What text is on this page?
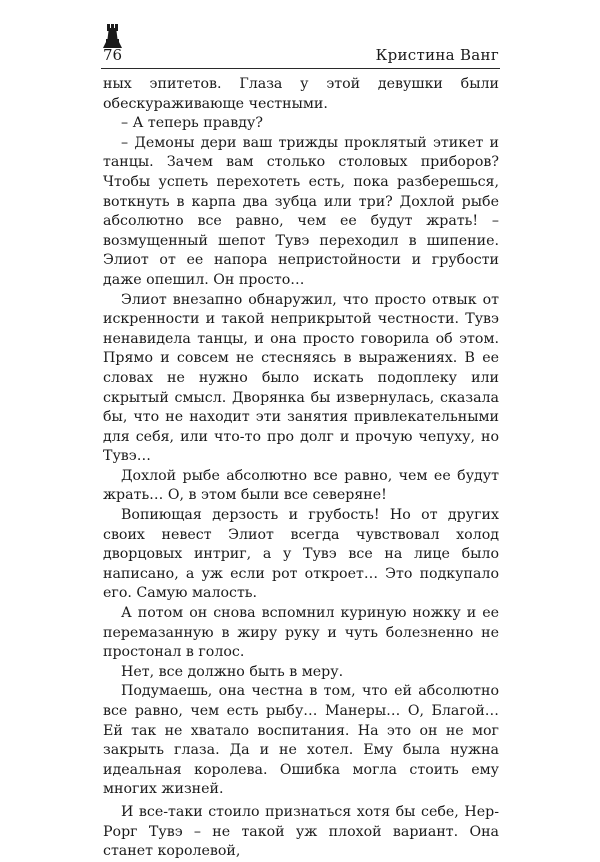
76	Кристина Ванг

ных эпитетов. Глаза у этой девушки были обескураживающе честными.

– А теперь правду?

– Демоны дери ваш трижды проклятый этикет и танцы. Зачем вам столько столовых приборов? Чтобы успеть перехотеть есть, пока разберешься, воткнуть в карпа два зубца или три? Дохлой рыбе абсолютно все равно, чем ее будут жрать! – возмущенный шепот Тувэ переходил в шипение. Элиот от ее напора непристойности и грубости даже опешил. Он просто…

Элиот внезапно обнаружил, что просто отвык от искренности и такой неприкрытой честности. Тувэ ненавидела танцы, и она просто говорила об этом. Прямо и совсем не стесняясь в выражениях. В ее словах не нужно было искать подоплеку или скрытый смысл. Дворянка бы извернулась, сказала бы, что не находит эти занятия привлекательными для себя, или что-то про долг и прочую чепуху, но Тувэ…

Дохлой рыбе абсолютно все равно, чем ее будут жрать… О, в этом были все северяне!

Вопиющая дерзость и грубость! Но от других своих невест Элиот всегда чувствовал холод дворцовых интриг, а у Тувэ все на лице было написано, а уж если рот откроет… Это подкупало его. Самую малость.

А потом он снова вспомнил куриную ножку и ее перемазанную в жиру руку и чуть болезненно не простонал в голос.

Нет, все должно быть в меру.

Подумаешь, она честна в том, что ей абсолютно все равно, чем есть рыбу… Манеры… О, Благой… Ей так не хватало воспитания. На это он не мог закрыть глаза. Да и не хотел. Ему была нужна идеальная королева. Ошибка могла стоить ему многих жизней.

И все-таки стоило признаться хотя бы себе, Нер-Рорг Тувэ – не такой уж плохой вариант. Она станет королевой,
